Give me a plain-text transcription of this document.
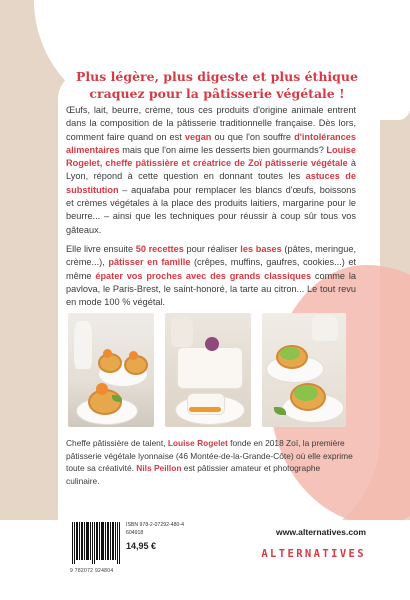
Plus légère, plus digeste et plus éthique
craquez pour la pâtisserie végétale !

Œufs, lait, beurre, crème, tous ces produits d'origine animale entrent dans la composition de la pâtisserie traditionnelle française. Dès lors, comment faire quand on est vegan ou que l'on souffre d'intolérances alimentaires mais que l'on aime les desserts bien gourmands? Louise Rogelet, cheffe pâtissière et créatrice de Zoï pâtisserie végétale à Lyon, répond à cette question en donnant toutes les astuces de substitution – aquafaba pour remplacer les blancs d'œufs, boissons et crèmes végétales à la place des produits laitiers, margarine pour le beurre... – ainsi que les techniques pour réussir à coup sûr tous vos gâteaux.

Elle livre ensuite 50 recettes pour réaliser les bases (pâtes, meringue, crème...), pâtisser en famille (crêpes, muffins, gaufres, cookies...) et même épater vos proches avec des grands classiques comme la pavlova, le Paris-Brest, le saint-honoré, la tarte au citron... Le tout revu en mode 100 % végétal.

Cheffe pâtissière de talent, Louise Rogelet fonde en 2018 Zoï, la première pâtisserie végétale lyonnaise (46 Montée-de-la-Grande-Côte) où elle exprime toute sa créativité. Nils Peillon est pâtissier amateur et photographe culinaire.

ISBN 978-2-07292-480-4
604918
14,95 €
9 782072 924804
www.alternatives.com
ALTERNATIVES
